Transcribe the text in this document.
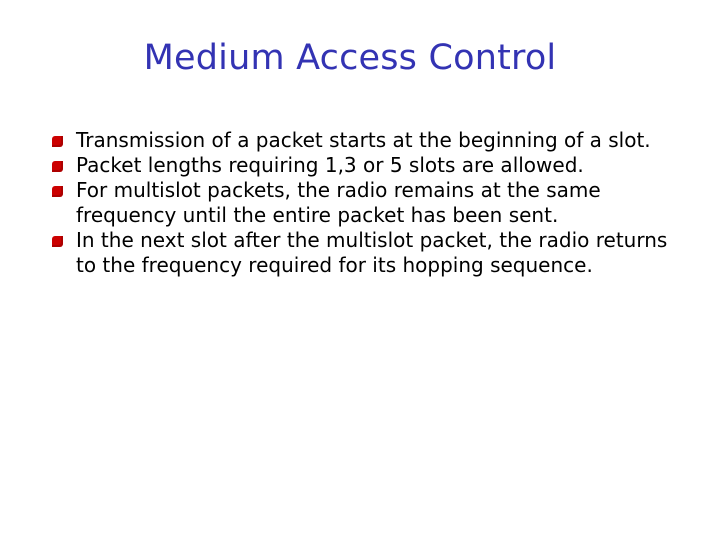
Medium Access Control
Transmission of a packet starts at the beginning of a slot.
Packet lengths requiring 1,3 or 5 slots are allowed.
For multislot packets, the radio remains at the same frequency until the entire packet has been sent.
In the next slot after the multislot packet, the radio returns to the frequency required for its hopping sequence.
